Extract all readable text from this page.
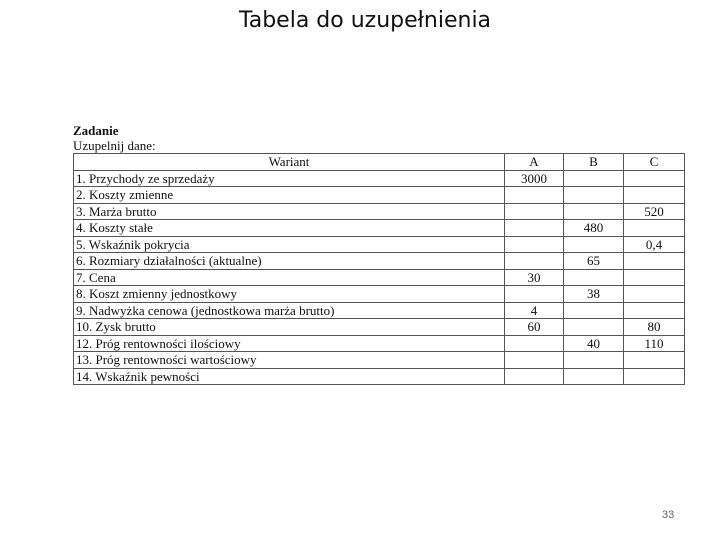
Tabela do uzupełnienia
Zadanie
Uzupelnij dane:
Wariant	A	B	C
1. Przychody ze sprzedaży	3000		
2. Koszty zmienne			
3. Marża brutto			520
4. Koszty stałe		480	
5. Wskaźnik pokrycia			0,4
6. Rozmiary działalności (aktualne)		65	
7. Cena	30		
8. Koszt zmienny jednostkowy		38	
9. Nadwyżka cenowa (jednostkowa marża brutto)	4		
10. Zysk brutto	60		80
12. Próg rentowności ilościowy		40	110
13. Próg rentowności wartościowy			
14. Wskaźnik pewności			
33
